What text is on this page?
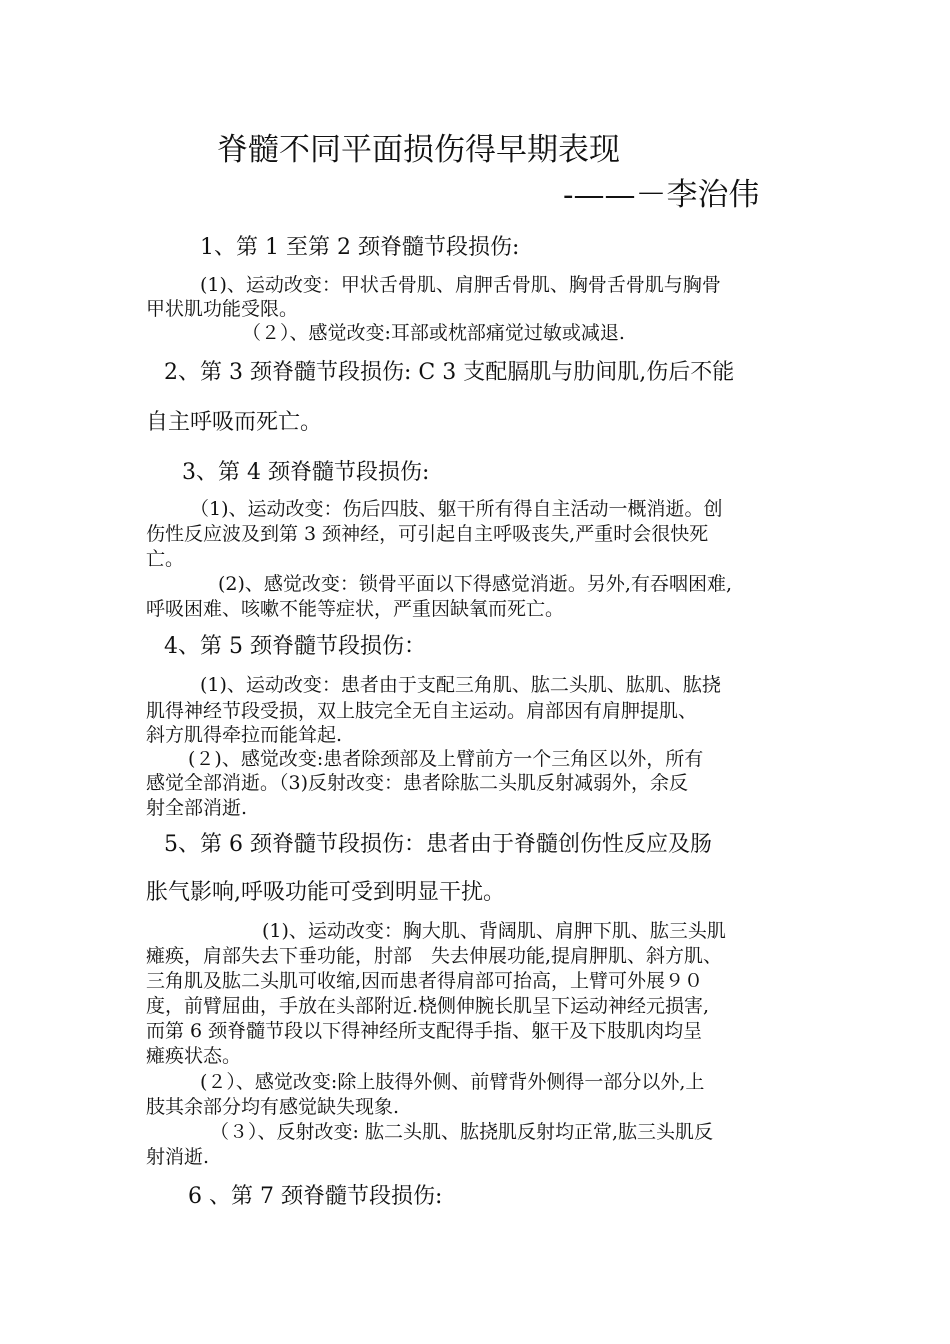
脊髓不同平面损伤得早期表现
-——－李治伟
1、第 1 至第 2 颈脊髓节段损伤:
(1)、运动改变：甲状舌骨肌、肩胛舌骨肌、胸骨舌骨肌与胸骨
甲状肌功能受限。
（２）、感觉改变:耳部或枕部痛觉过敏或减退.
2、第 3 颈脊髓节段损伤: C 3 支配膈肌与肋间肌,伤后不能
自主呼吸而死亡。
3、第 4 颈脊髓节段损伤:
（1)、运动改变：伤后四肢、躯干所有得自主活动一概消逝。创
伤性反应波及到第 3 颈神经，可引起自主呼吸丧失,严重时会很快死
亡。
(2)、感觉改变：锁骨平面以下得感觉消逝。另外,有吞咽困难,
呼吸困难、咳嗽不能等症状，严重因缺氧而死亡。
4、第 5 颈脊髓节段损伤：
(1)、运动改变：患者由于支配三角肌、肱二头肌、肱肌、肱挠
肌得神经节段受损，双上肢完全无自主运动。肩部因有肩胛提肌、
斜方肌得牵拉而能耸起.
(２)、感觉改变:患者除颈部及上臂前方一个三角区以外，所有
感觉全部消逝。（3)反射改变：患者除肱二头肌反射减弱外，余反
射全部消逝.
5、第 6 颈脊髓节段损伤：患者由于脊髓创伤性反应及肠
胀气影响,呼吸功能可受到明显干扰。
(1)、运动改变：胸大肌、背阔肌、肩胛下肌、肱三头肌
瘫痪，肩部失去下垂功能，肘部　失去伸展功能,提肩胛肌、斜方肌、
三角肌及肱二头肌可收缩,因而患者得肩部可抬高，上臂可外展９０
度，前臂屈曲，手放在头部附近.桡侧伸腕长肌呈下运动神经元损害,
而第 6 颈脊髓节段以下得神经所支配得手指、躯干及下肢肌肉均呈
瘫痪状态。
(２）、感觉改变:除上肢得外侧、前臂背外侧得一部分以外,上
肢其余部分均有感觉缺失现象.
（３）、反射改变: 肱二头肌、肱挠肌反射均正常,肱三头肌反
射消逝.
6 、第 7 颈脊髓节段损伤:
